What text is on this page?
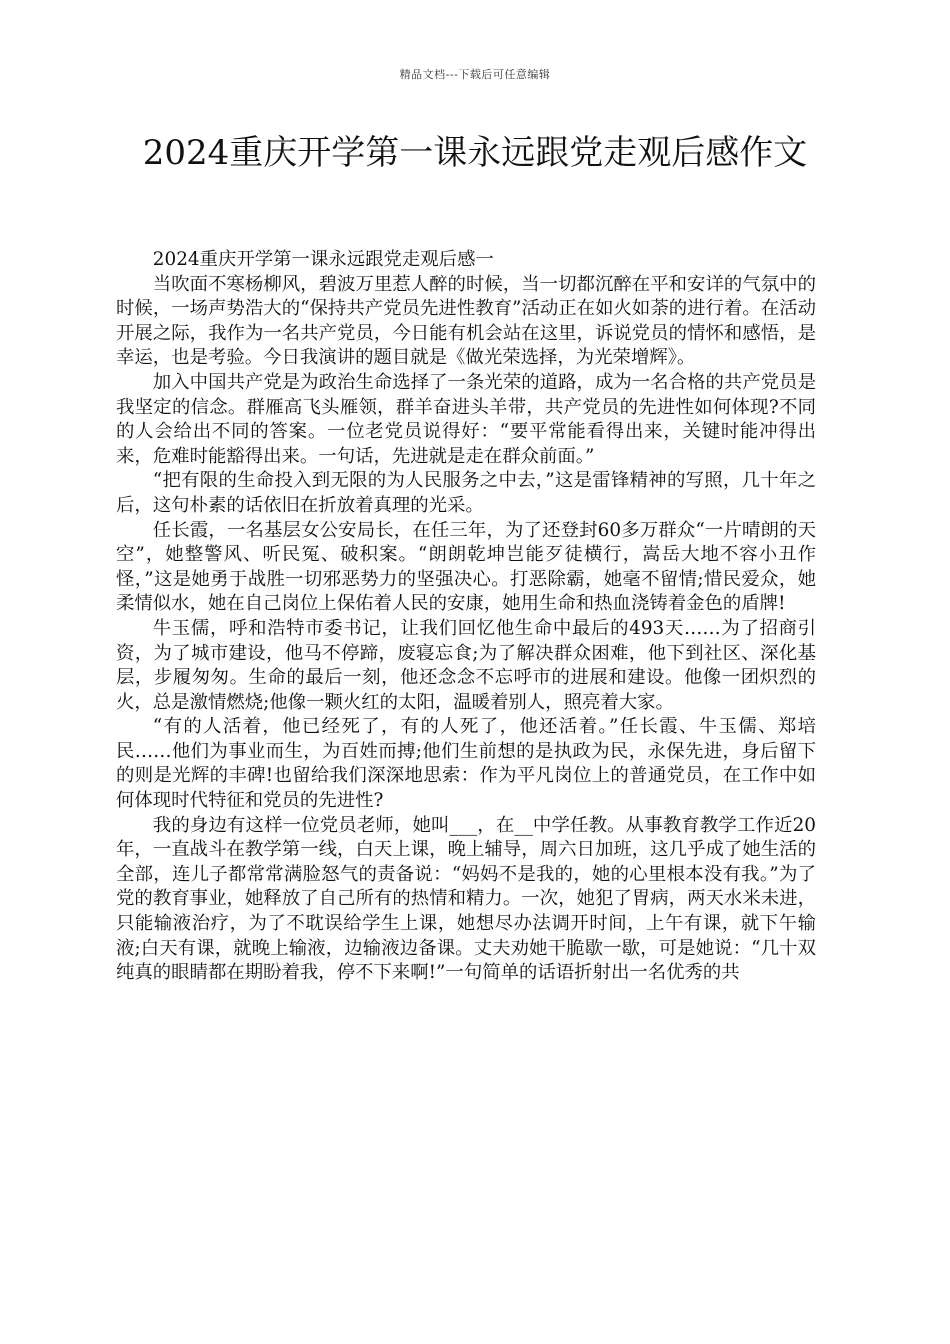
精品文档---下载后可任意编辑
2024重庆开学第一课永远跟党走观后感作文

2024重庆开学第一课永远跟党走观后感一

当吹面不寒杨柳风，碧波万里惹人醉的时候，当一切都沉醉在平和安详的气氛中的时候，一场声势浩大的“保持共产党员先进性教育”活动正在如火如荼的进行着。在活动开展之际，我作为一名共产党员，今日能有机会站在这里，诉说党员的情怀和感悟，是幸运，也是考验。今日我演讲的题目就是《做光荣选择，为光荣增辉》。

加入中国共产党是为政治生命选择了一条光荣的道路，成为一名合格的共产党员是我坚定的信念。群雁高飞头雁领，群羊奋进头羊带，共产党员的先进性如何体现?不同的人会给出不同的答案。一位老党员说得好：“要平常能看得出来，关键时能冲得出来，危难时能豁得出来。一句话，先进就是走在群众前面。”

“把有限的生命投入到无限的为人民服务之中去，”这是雷锋精神的写照，几十年之后，这句朴素的话依旧在折放着真理的光采。

任长霞，一名基层女公安局长，在任三年，为了还登封60多万群众“一片晴朗的天空”，她整警风、听民冤、破积案。“朗朗乾坤岂能歹徒横行，嵩岳大地不容小丑作怪，”这是她勇于战胜一切邪恶势力的坚强决心。打恶除霸，她毫不留情;惜民爱众，她柔情似水，她在自己岗位上保佑着人民的安康，她用生命和热血浇铸着金色的盾牌!

牛玉儒，呼和浩特市委书记，让我们回忆他生命中最后的493天……为了招商引资，为了城市建设，他马不停蹄，废寝忘食;为了解决群众困难，他下到社区、深化基层，步履匆匆。生命的最后一刻，他还念念不忘呼市的进展和建设。他像一团炽烈的火，总是激情燃烧;他像一颗火红的太阳，温暖着别人，照亮着大家。

“有的人活着，他已经死了，有的人死了，他还活着。”任长霞、牛玉儒、郑培民……他们为事业而生，为百姓而搏;他们生前想的是执政为民，永保先进，身后留下的则是光辉的丰碑!也留给我们深深地思索：作为平凡岗位上的普通党员，在工作中如何体现时代特征和党员的先进性?

我的身边有这样一位党员老师，她叫___，在__中学任教。从事教育教学工作近20年，一直战斗在教学第一线，白天上课，晚上辅导，周六日加班，这几乎成了她生活的全部，连儿子都常常满脸怒气的责备说：“妈妈不是我的，她的心里根本没有我。”为了党的教育事业，她释放了自己所有的热情和精力。一次，她犯了胃病，两天水米未进，只能输液治疗，为了不耽误给学生上课，她想尽办法调开时间，上午有课，就下午输液;白天有课，就晚上输液，边输液边备课。丈夫劝她干脆歇一歇，可是她说：“几十双纯真的眼睛都在期盼着我，停不下来啊!”一句简单的话语折射出一名优秀的共
